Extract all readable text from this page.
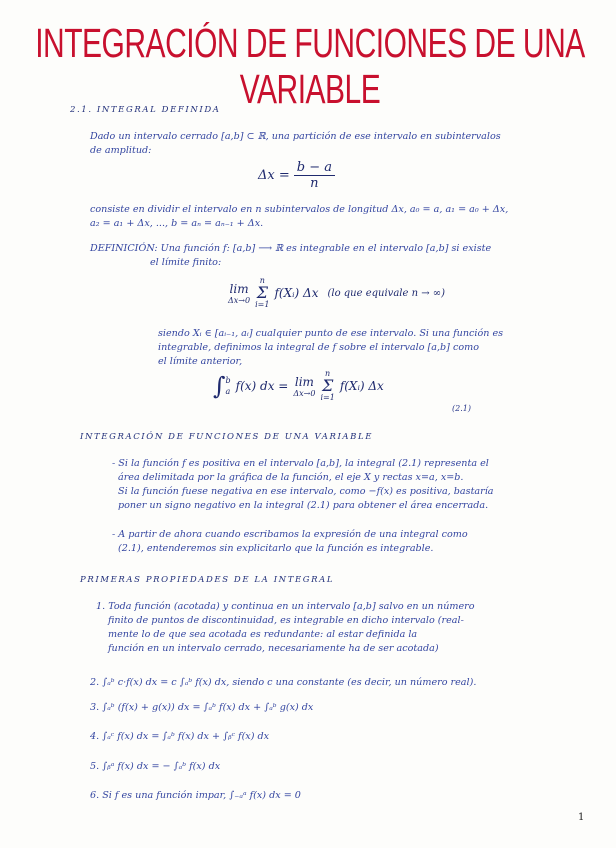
INTEGRACIÓN DE FUNCIONES DE UNA VARIABLE
2.1. INTEGRAL DEFINIDA
Dado un intervalo cerrado [a,b] ⊂ ℝ, una partición de ese intervalo en subintervalos
de amplitud:
$\Delta x = \frac{b - a}{n}$
consiste en dividir el intervalo en n subintervalos de longitud Δx, a₀ = a, a₁ = a₀ + Δx,
a₂ = a₁ + Δx, ..., b = aₙ = aₙ₋₁ + Δx.
DEFINICIÓN: Una función f: [a,b] ⟶ ℝ es integrable en el intervalo [a,b] si existe
el límite finito:
lim
Δx→0
n
Σ
i=1
f(Xᵢ) Δx (lo que equivale n → ∞)
siendo Xᵢ ∈ [aᵢ₋₁, aᵢ] cualquier punto de ese intervalo. Si una función es
integrable, definimos la integral de f sobre el intervalo [a,b] como
el límite anterior,
∫ b
a f(x) dx = lim
Δx→0
n
Σ
i=1
f(Xᵢ) Δx
(2.1)
INTEGRACIÓN DE FUNCIONES DE UNA VARIABLE
- Si la función f es positiva en el intervalo [a,b], la integral (2.1) representa el
área delimitada por la gráfica de la función, el eje X y rectas x=a, x=b.
Si la función fuese negativa en ese intervalo, como −f(x) es positiva, bastaría
poner un signo negativo en la integral (2.1) para obtener el área encerrada.
- A partir de ahora cuando escribamos la expresión de una integral como
(2.1), entenderemos sin explicitarlo que la función es integrable.
PRIMERAS PROPIEDADES DE LA INTEGRAL
1. Toda función (acotada) y continua en un intervalo [a,b] salvo en un número
finito de puntos de discontinuidad, es integrable en dicho intervalo (real-
mente lo de que sea acotada es redundante: al estar definida la
función en un intervalo cerrado, necesariamente ha de ser acotada)
2. ∫ₐᵇ c·f(x) dx = c ∫ₐᵇ f(x) dx, siendo c una constante (es decir, un número real).
3. ∫ₐᵇ (f(x) + g(x)) dx = ∫ₐᵇ f(x) dx + ∫ₐᵇ g(x) dx
4. ∫ₐᶜ f(x) dx = ∫ₐᵇ f(x) dx + ∫ᵦᶜ f(x) dx
5. ∫ᵦᵃ f(x) dx = − ∫ₐᵇ f(x) dx
6. Si f es una función impar, ∫₋ₐᵃ f(x) dx = 0
1
